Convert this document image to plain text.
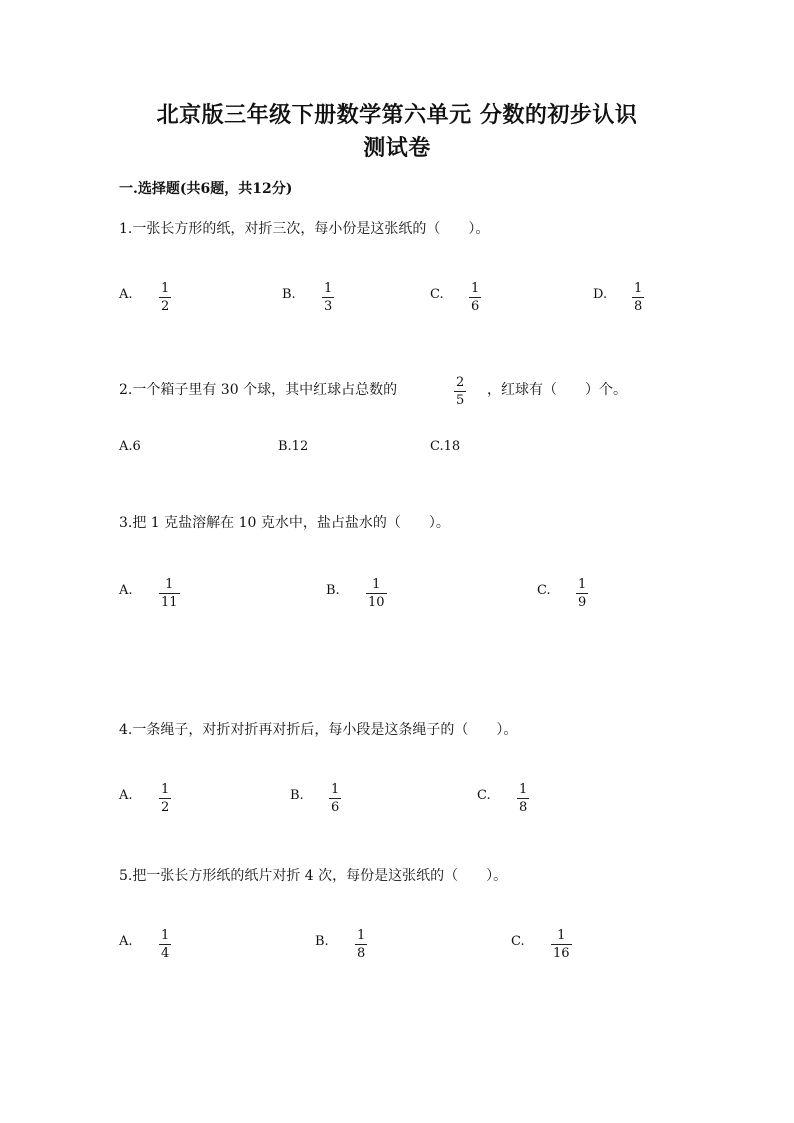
北京版三年级下册数学第六单元 分数的初步认识
测试卷
一.选择题(共6题，共12分)
1.一张长方形的纸，对折三次，每小份是这张纸的（　　）。
A. 1
2
B. 1
3
C. 1
6
D. 1
8
2.一个箱子里有 30 个球，其中红球占总数的	2
5
，红球有（　　）个。
A.6	B.12	C.18
3.把 1 克盐溶解在 10 克水中，盐占盐水的（　　）。
A.	1
11
B. 1
10
C. 1
9
4.一条绳子，对折对折再对折后，每小段是这条绳子的（　　）。
A. 1
2
B. 1
6
C. 1
8
5.把一张长方形纸的纸片对折 4 次，每份是这张纸的（　　）。
A. 1
4
B. 1
8
C.	1
16
